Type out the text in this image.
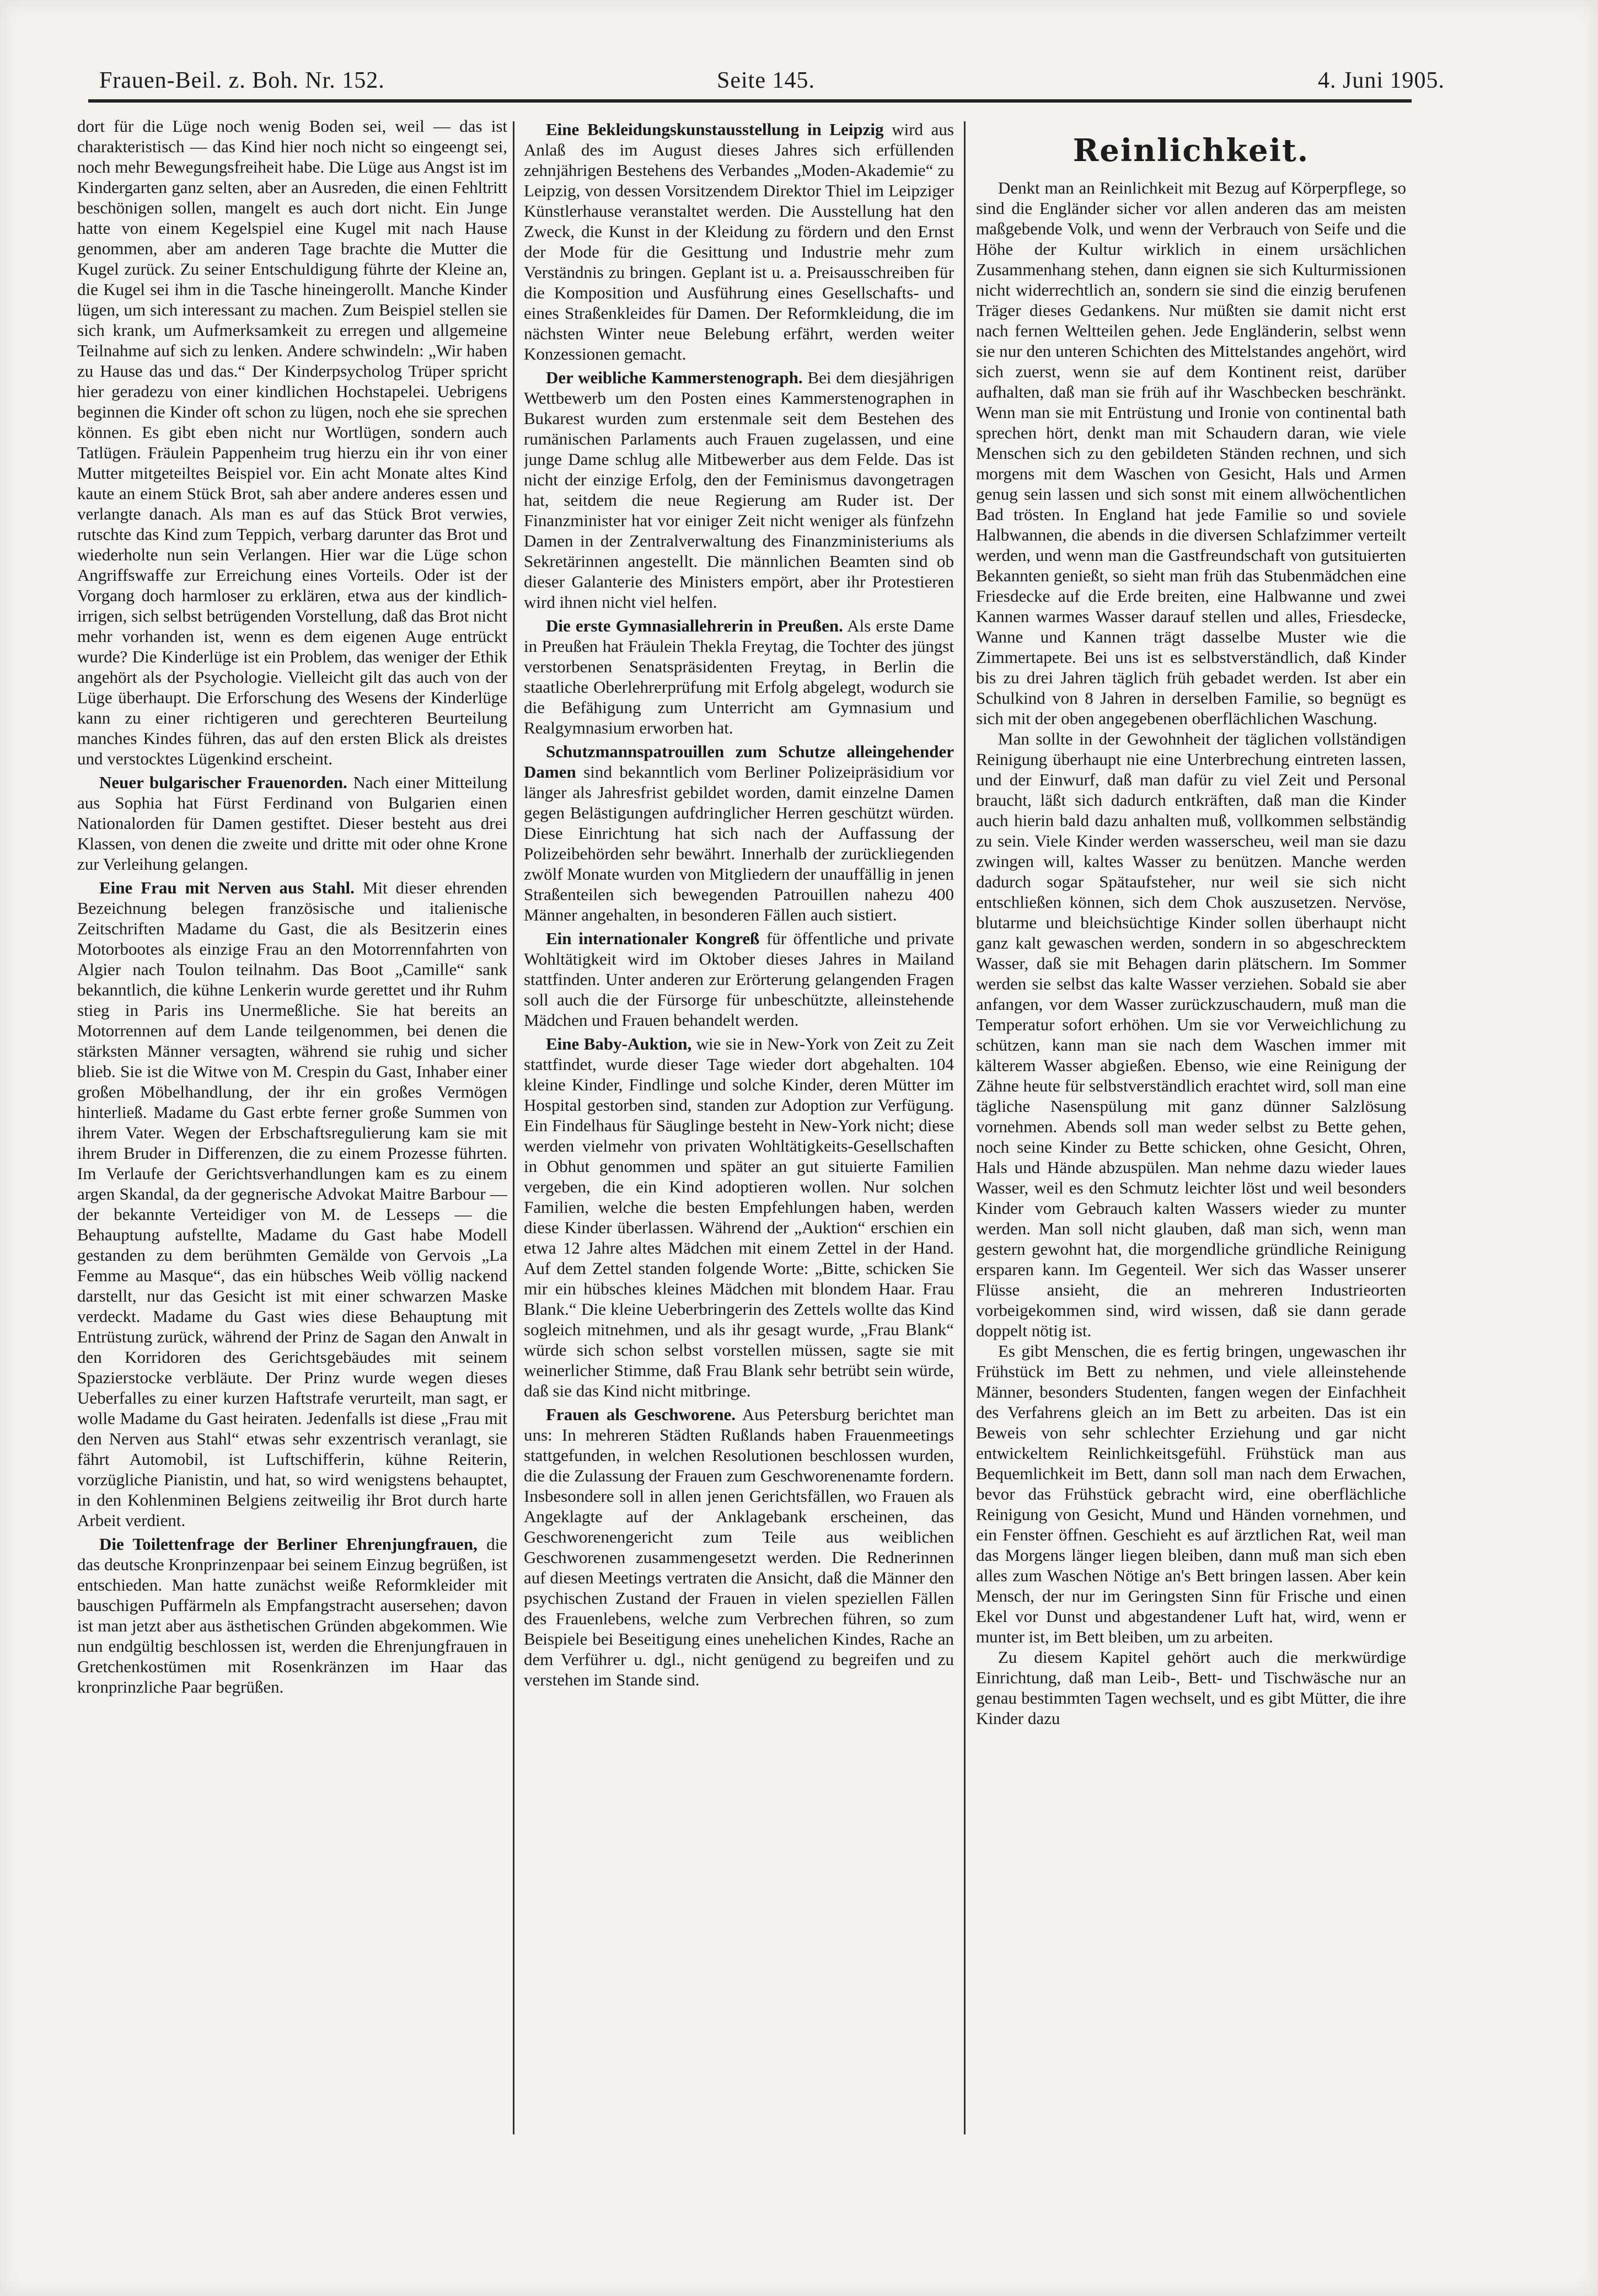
Frauen-Beil. z. Boh. Nr. 152.	Seite 145.	4. Juni 1905.

dort für die Lüge noch wenig Boden sei, weil — das ist charakteristisch — das Kind hier noch nicht so eingeengt sei, noch mehr Bewegungsfreiheit habe. Die Lüge aus Angst ist im Kindergarten ganz selten, aber an Ausreden, die einen Fehltritt beschönigen sollen, mangelt es auch dort nicht. Ein Junge hatte von einem Kegelspiel eine Kugel mit nach Hause genommen, aber am anderen Tage brachte die Mutter die Kugel zurück. Zu seiner Entschuldigung führte der Kleine an, die Kugel sei ihm in die Tasche hineingerollt. Manche Kinder lügen, um sich interessant zu machen. Zum Beispiel stellen sie sich krank, um Aufmerksamkeit zu erregen und allgemeine Teilnahme auf sich zu lenken. Andere schwindeln: „Wir haben zu Hause das und das.“ Der Kinderpsycholog Trüper spricht hier geradezu von einer kindlichen Hochstapelei. Uebrigens beginnen die Kinder oft schon zu lügen, noch ehe sie sprechen können. Es gibt eben nicht nur Wortlügen, sondern auch Tatlügen. Fräulein Pappenheim trug hierzu ein ihr von einer Mutter mitgeteiltes Beispiel vor. Ein acht Monate altes Kind kaute an einem Stück Brot, sah aber andere anderes essen und verlangte danach. Als man es auf das Stück Brot verwies, rutschte das Kind zum Teppich, verbarg darunter das Brot und wiederholte nun sein Verlangen. Hier war die Lüge schon Angriffswaffe zur Erreichung eines Vorteils. Oder ist der Vorgang doch harmloser zu erklären, etwa aus der kindlich-irrigen, sich selbst betrügenden Vorstellung, daß das Brot nicht mehr vorhanden ist, wenn es dem eigenen Auge entrückt wurde? Die Kinderlüge ist ein Problem, das weniger der Ethik angehört als der Psychologie. Vielleicht gilt das auch von der Lüge überhaupt. Die Erforschung des Wesens der Kinderlüge kann zu einer richtigeren und gerechteren Beurteilung manches Kindes führen, das auf den ersten Blick als dreistes und verstocktes Lügenkind erscheint.

Neuer bulgarischer Frauenorden. Nach einer Mitteilung aus Sophia hat Fürst Ferdinand von Bulgarien einen Nationalorden für Damen gestiftet. Dieser besteht aus drei Klassen, von denen die zweite und dritte mit oder ohne Krone zur Verleihung gelangen.

Eine Frau mit Nerven aus Stahl. Mit dieser ehrenden Bezeichnung belegen französische und italienische Zeitschriften Madame du Gast, die als Besitzerin eines Motorbootes als einzige Frau an den Motorrennfahrten von Algier nach Toulon teilnahm. Das Boot „Camille“ sank bekanntlich, die kühne Lenkerin wurde gerettet und ihr Ruhm stieg in Paris ins Unermeßliche. Sie hat bereits an Motorrennen auf dem Lande teilgenommen, bei denen die stärksten Männer versagten, während sie ruhig und sicher blieb. Sie ist die Witwe von M. Crespin du Gast, Inhaber einer großen Möbelhandlung, der ihr ein großes Vermögen hinterließ. Madame du Gast erbte ferner große Summen von ihrem Vater. Wegen der Erbschaftsregulierung kam sie mit ihrem Bruder in Differenzen, die zu einem Prozesse führten. Im Verlaufe der Gerichtsverhandlungen kam es zu einem argen Skandal, da der gegnerische Advokat Maitre Barbour — der bekannte Verteidiger von M. de Lesseps — die Behauptung aufstellte, Madame du Gast habe Modell gestanden zu dem berühmten Gemälde von Gervois „La Femme au Masque“, das ein hübsches Weib völlig nackend darstellt, nur das Gesicht ist mit einer schwarzen Maske verdeckt. Madame du Gast wies diese Behauptung mit Entrüstung zurück, während der Prinz de Sagan den Anwalt in den Korridoren des Gerichtsgebäudes mit seinem Spazierstocke verbläute. Der Prinz wurde wegen dieses Ueberfalles zu einer kurzen Haftstrafe verurteilt, man sagt, er wolle Madame du Gast heiraten. Jedenfalls ist diese „Frau mit den Nerven aus Stahl“ etwas sehr exzentrisch veranlagt, sie fährt Automobil, ist Luftschifferin, kühne Reiterin, vorzügliche Pianistin, und hat, so wird wenigstens behauptet, in den Kohlenminen Belgiens zeitweilig ihr Brot durch harte Arbeit verdient.

Die Toilettenfrage der Berliner Ehrenjungfrauen, die das deutsche Kronprinzenpaar bei seinem Einzug begrüßen, ist entschieden. Man hatte zunächst weiße Reformkleider mit bauschigen Puffärmeln als Empfangstracht ausersehen; davon ist man jetzt aber aus ästhetischen Gründen abgekommen. Wie nun endgültig beschlossen ist, werden die Ehrenjungfrauen in Gretchenkostümen mit Rosenkränzen im Haar das kronprinzliche Paar begrüßen.

Eine Bekleidungskunstausstellung in Leipzig wird aus Anlaß des im August dieses Jahres sich erfüllenden zehnjährigen Bestehens des Verbandes „Moden-Akademie“ zu Leipzig, von dessen Vorsitzendem Direktor Thiel im Leipziger Künstlerhause veranstaltet werden. Die Ausstellung hat den Zweck, die Kunst in der Kleidung zu fördern und den Ernst der Mode für die Gesittung und Industrie mehr zum Verständnis zu bringen. Geplant ist u. a. Preisausschreiben für die Komposition und Ausführung eines Gesellschafts- und eines Straßenkleides für Damen. Der Reformkleidung, die im nächsten Winter neue Belebung erfährt, werden weiter Konzessionen gemacht.

Der weibliche Kammerstenograph. Bei dem diesjährigen Wettbewerb um den Posten eines Kammerstenographen in Bukarest wurden zum erstenmale seit dem Bestehen des rumänischen Parlaments auch Frauen zugelassen, und eine junge Dame schlug alle Mitbewerber aus dem Felde. Das ist nicht der einzige Erfolg, den der Feminismus davongetragen hat, seitdem die neue Regierung am Ruder ist. Der Finanzminister hat vor einiger Zeit nicht weniger als fünfzehn Damen in der Zentralverwaltung des Finanzministeriums als Sekretärinnen angestellt. Die männlichen Beamten sind ob dieser Galanterie des Ministers empört, aber ihr Protestieren wird ihnen nicht viel helfen.

Die erste Gymnasiallehrerin in Preußen. Als erste Dame in Preußen hat Fräulein Thekla Freytag, die Tochter des jüngst verstorbenen Senatspräsidenten Freytag, in Berlin die staatliche Oberlehrerprüfung mit Erfolg abgelegt, wodurch sie die Befähigung zum Unterricht am Gymnasium und Realgymnasium erworben hat.

Schutzmannspatrouillen zum Schutze alleingehender Damen sind bekanntlich vom Berliner Polizeipräsidium vor länger als Jahresfrist gebildet worden, damit einzelne Damen gegen Belästigungen aufdringlicher Herren geschützt würden. Diese Einrichtung hat sich nach der Auffassung der Polizeibehörden sehr bewährt. Innerhalb der zurückliegenden zwölf Monate wurden von Mitgliedern der unauffällig in jenen Straßenteilen sich bewegenden Patrouillen nahezu 400 Männer angehalten, in besonderen Fällen auch sistiert.

Ein internationaler Kongreß für öffentliche und private Wohltätigkeit wird im Oktober dieses Jahres in Mailand stattfinden. Unter anderen zur Erörterung gelangenden Fragen soll auch die der Fürsorge für unbeschützte, alleinstehende Mädchen und Frauen behandelt werden.

Eine Baby-Auktion, wie sie in New-York von Zeit zu Zeit stattfindet, wurde dieser Tage wieder dort abgehalten. 104 kleine Kinder, Findlinge und solche Kinder, deren Mütter im Hospital gestorben sind, standen zur Adoption zur Verfügung. Ein Findelhaus für Säuglinge besteht in New-York nicht; diese werden vielmehr von privaten Wohltätigkeits-Gesellschaften in Obhut genommen und später an gut situierte Familien vergeben, die ein Kind adoptieren wollen. Nur solchen Familien, welche die besten Empfehlungen haben, werden diese Kinder überlassen. Während der „Auktion“ erschien ein etwa 12 Jahre altes Mädchen mit einem Zettel in der Hand. Auf dem Zettel standen folgende Worte: „Bitte, schicken Sie mir ein hübsches kleines Mädchen mit blondem Haar. Frau Blank.“ Die kleine Ueberbringerin des Zettels wollte das Kind sogleich mitnehmen, und als ihr gesagt wurde, „Frau Blank“ würde sich schon selbst vorstellen müssen, sagte sie mit weinerlicher Stimme, daß Frau Blank sehr betrübt sein würde, daß sie das Kind nicht mitbringe.

Frauen als Geschworene. Aus Petersburg berichtet man uns: In mehreren Städten Rußlands haben Frauenmeetings stattgefunden, in welchen Resolutionen beschlossen wurden, die die Zulassung der Frauen zum Geschworenenamte fordern. Insbesondere soll in allen jenen Gerichtsfällen, wo Frauen als Angeklagte auf der Anklagebank erscheinen, das Geschworenengericht zum Teile aus weiblichen Geschworenen zusammengesetzt werden. Die Rednerinnen auf diesen Meetings vertraten die Ansicht, daß die Männer den psychischen Zustand der Frauen in vielen speziellen Fällen des Frauenlebens, welche zum Verbrechen führen, so zum Beispiele bei Beseitigung eines unehelichen Kindes, Rache an dem Verführer u. dgl., nicht genügend zu begreifen und zu verstehen im Stande sind.

Reinlichkeit.

Denkt man an Reinlichkeit mit Bezug auf Körperpflege, so sind die Engländer sicher vor allen anderen das am meisten maßgebende Volk, und wenn der Verbrauch von Seife und die Höhe der Kultur wirklich in einem ursächlichen Zusammenhang stehen, dann eignen sie sich Kulturmissionen nicht widerrechtlich an, sondern sie sind die einzig berufenen Träger dieses Gedankens. Nur müßten sie damit nicht erst nach fernen Weltteilen gehen. Jede Engländerin, selbst wenn sie nur den unteren Schichten des Mittelstandes angehört, wird sich zuerst, wenn sie auf dem Kontinent reist, darüber aufhalten, daß man sie früh auf ihr Waschbecken beschränkt. Wenn man sie mit Entrüstung und Ironie von continental bath sprechen hört, denkt man mit Schaudern daran, wie viele Menschen sich zu den gebildeten Ständen rechnen, und sich morgens mit dem Waschen von Gesicht, Hals und Armen genug sein lassen und sich sonst mit einem allwöchentlichen Bad trösten. In England hat jede Familie so und soviele Halbwannen, die abends in die diversen Schlafzimmer verteilt werden, und wenn man die Gastfreundschaft von gutsituierten Bekannten genießt, so sieht man früh das Stubenmädchen eine Friesdecke auf die Erde breiten, eine Halbwanne und zwei Kannen warmes Wasser darauf stellen und alles, Friesdecke, Wanne und Kannen trägt dasselbe Muster wie die Zimmertapete. Bei uns ist es selbstverständlich, daß Kinder bis zu drei Jahren täglich früh gebadet werden. Ist aber ein Schulkind von 8 Jahren in derselben Familie, so begnügt es sich mit der oben angegebenen oberflächlichen Waschung.

Man sollte in der Gewohnheit der täglichen vollständigen Reinigung überhaupt nie eine Unterbrechung eintreten lassen, und der Einwurf, daß man dafür zu viel Zeit und Personal braucht, läßt sich dadurch entkräften, daß man die Kinder auch hierin bald dazu anhalten muß, vollkommen selbständig zu sein. Viele Kinder werden wasserscheu, weil man sie dazu zwingen will, kaltes Wasser zu benützen. Manche werden dadurch sogar Spätaufsteher, nur weil sie sich nicht entschließen können, sich dem Chok auszusetzen. Nervöse, blutarme und bleichsüchtige Kinder sollen überhaupt nicht ganz kalt gewaschen werden, sondern in so abgeschrecktem Wasser, daß sie mit Behagen darin plätschern. Im Sommer werden sie selbst das kalte Wasser verziehen. Sobald sie aber anfangen, vor dem Wasser zurückzuschaudern, muß man die Temperatur sofort erhöhen. Um sie vor Verweichlichung zu schützen, kann man sie nach dem Waschen immer mit kälterem Wasser abgießen. Ebenso, wie eine Reinigung der Zähne heute für selbstverständlich erachtet wird, soll man eine tägliche Nasenspülung mit ganz dünner Salzlösung vornehmen. Abends soll man weder selbst zu Bette gehen, noch seine Kinder zu Bette schicken, ohne Gesicht, Ohren, Hals und Hände abzuspülen. Man nehme dazu wieder laues Wasser, weil es den Schmutz leichter löst und weil besonders Kinder vom Gebrauch kalten Wassers wieder zu munter werden. Man soll nicht glauben, daß man sich, wenn man gestern gewohnt hat, die morgendliche gründliche Reinigung ersparen kann. Im Gegenteil. Wer sich das Wasser unserer Flüsse ansieht, die an mehreren Industrieorten vorbeigekommen sind, wird wissen, daß sie dann gerade doppelt nötig ist.

Es gibt Menschen, die es fertig bringen, ungewaschen ihr Frühstück im Bett zu nehmen, und viele alleinstehende Männer, besonders Studenten, fangen wegen der Einfachheit des Verfahrens gleich an im Bett zu arbeiten. Das ist ein Beweis von sehr schlechter Erziehung und gar nicht entwickeltem Reinlichkeitsgefühl. Frühstück man aus Bequemlichkeit im Bett, dann soll man nach dem Erwachen, bevor das Frühstück gebracht wird, eine oberflächliche Reinigung von Gesicht, Mund und Händen vornehmen, und ein Fenster öffnen. Geschieht es auf ärztlichen Rat, weil man das Morgens länger liegen bleiben, dann muß man sich eben alles zum Waschen Nötige an's Bett bringen lassen. Aber kein Mensch, der nur im Geringsten Sinn für Frische und einen Ekel vor Dunst und abgestandener Luft hat, wird, wenn er munter ist, im Bett bleiben, um zu arbeiten.

Zu diesem Kapitel gehört auch die merkwürdige Einrichtung, daß man Leib-, Bett- und Tischwäsche nur an genau bestimmten Tagen wechselt, und es gibt Mütter, die ihre Kinder dazu
